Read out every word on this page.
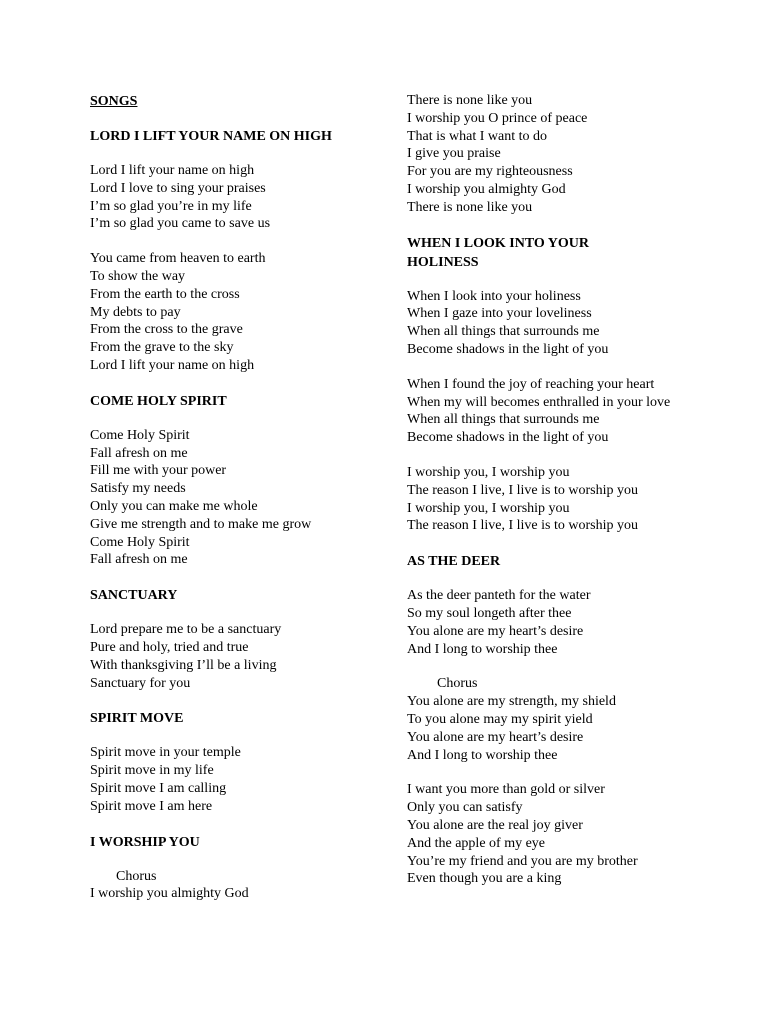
SONGS
LORD I LIFT YOUR NAME ON HIGH
Lord I lift your name on high
Lord I love to sing your praises
I’m so glad you’re in my life
I’m so glad you came to save us
You came from heaven to earth
To show the way
From the earth to the cross
My debts to pay
From the cross to the grave
From the grave to the sky
Lord I lift your name on high
COME HOLY SPIRIT
Come Holy Spirit
Fall afresh on me
Fill me with your power
Satisfy my needs
Only you can make me whole
Give me strength and to make me grow
Come Holy Spirit
Fall afresh on me
SANCTUARY
Lord prepare me to be a sanctuary
Pure and holy, tried and true
With thanksgiving I’ll be a living
Sanctuary for you
SPIRIT MOVE
Spirit move in your temple
Spirit move in my life
Spirit move I am calling
Spirit move I am here
I WORSHIP YOU
Chorus
I worship you almighty God
There is none like you
I worship you O prince of peace
That is what I want to do
I give you praise
For you are my righteousness
I worship you almighty God
There is none like you
WHEN I LOOK INTO YOUR HOLINESS
When I look into your holiness
When I gaze into your loveliness
When all things that surrounds me
Become shadows in the light of you
When I found the joy of reaching your heart
When my will becomes enthralled in your love
When all things that surrounds me
Become shadows in the light of you
I worship you, I worship you
The reason I live, I live is to worship you
I worship you, I worship you
The reason I live, I live is to worship you
AS THE DEER
As the deer panteth for the water
So my soul longeth after thee
You alone are my heart’s desire
And I long to worship thee
Chorus
You alone are my strength, my shield
To you alone may my spirit yield
You alone are my heart’s desire
And I long to worship thee
I want you more than gold or silver
Only you can satisfy
You alone are the real joy giver
And the apple of my eye
You’re my friend and you are my brother
Even though you are a king
